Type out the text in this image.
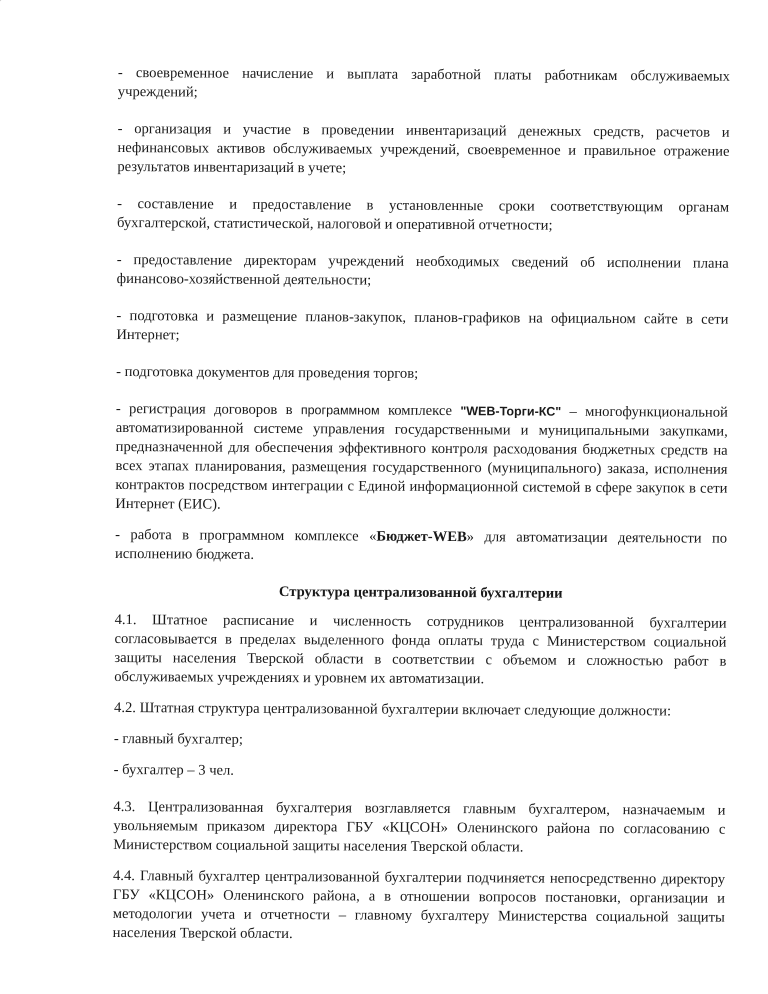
- своевременное начисление и выплата заработной платы работникам обслуживаемых учреждений;

- организация и участие в проведении инвентаризаций денежных средств, расчетов и нефинансовых активов обслуживаемых учреждений, своевременное и правильное отражение результатов инвентаризаций в учете;

- составление и предоставление в установленные сроки соответствующим органам бухгалтерской, статистической, налоговой и оперативной отчетности;

- предоставление директорам учреждений необходимых сведений об исполнении плана финансово-хозяйственной деятельности;

- подготовка и размещение планов-закупок, планов-графиков на официальном сайте в сети Интернет;

- подготовка документов для проведения торгов;

- регистрация договоров в программном комплексе "WEB-Торги-КС" – многофункциональной автоматизированной системе управления государственными и муниципальными закупками, предназначенной для обеспечения эффективного контроля расходования бюджетных средств на всех этапах планирования, размещения государственного (муниципального) заказа, исполнения контрактов посредством интеграции с Единой информационной системой в сфере закупок в сети Интернет (ЕИС).

- работа в программном комплексе «Бюджет-WEB» для автоматизации деятельности по исполнению бюджета.

Структура централизованной бухгалтерии

4.1. Штатное расписание и численность сотрудников централизованной бухгалтерии согласовывается в пределах выделенного фонда оплаты труда с Министерством социальной защиты населения Тверской области в соответствии с объемом и сложностью работ в обслуживаемых учреждениях и уровнем их автоматизации.

4.2. Штатная структура централизованной бухгалтерии включает следующие должности:

- главный бухгалтер;

- бухгалтер – 3 чел.

4.3. Централизованная бухгалтерия возглавляется главным бухгалтером, назначаемым и увольняемым приказом директора ГБУ «КЦСОН» Оленинского района по согласованию с Министерством социальной защиты населения Тверской области.

4.4. Главный бухгалтер централизованной бухгалтерии подчиняется непосредственно директору ГБУ «КЦСОН» Оленинского района, а в отношении вопросов постановки, организации и методологии учета и отчетности – главному бухгалтеру Министерства социальной защиты населения Тверской области.
